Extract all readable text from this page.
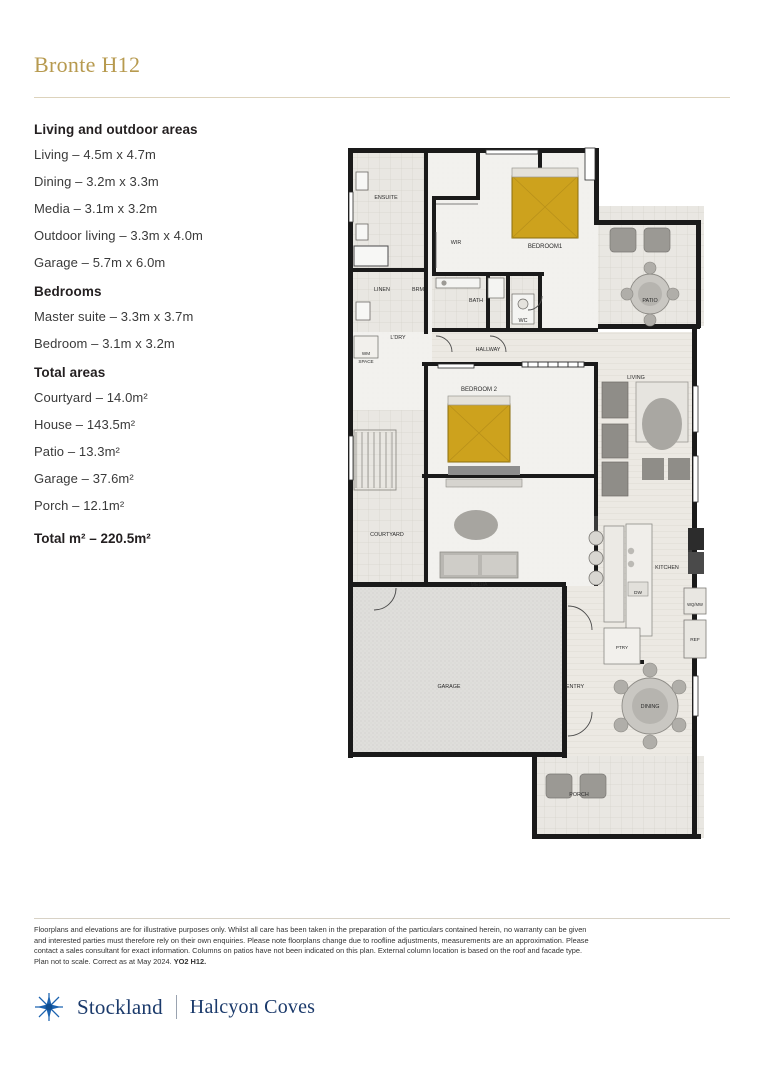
Bronte H12
Living and outdoor areas
Living – 4.5m x 4.7m
Dining – 3.2m x 3.3m
Media – 3.1m x 3.2m
Outdoor living – 3.3m x 4.0m
Garage – 5.7m x 6.0m
Bedrooms
Master suite – 3.3m x 3.7m
Bedroom – 3.1m x 3.2m
Total areas
Courtyard – 14.0m²
House – 143.5m²
Patio – 13.3m²
Garage – 37.6m²
Porch – 12.1m²
Total m² – 220.5m²
ENSUITE
WIR
BEDROOM1
LINEN	BRM
BATH
WC
L'DRY
WM
SPACE
HALLWAY
PATIO
LIVING
BEDROOM 2
COURTYARD
MEDIA
KITCHEN
DW
WQ/MW
PTRY
REF
GARAGE	ENTRY
DINING
PORCH
Floorplans and elevations are for illustrative purposes only. Whilst all care has been taken in the preparation of the particulars contained herein, no warranty can be given
and interested parties must therefore rely on their own enquiries. Please note floorplans change due to roofline adjustments, measurements are an approximation. Please
contact a sales consultant for exact information. Columns on patios have not been indicated on this plan. External column location is based on the roof and facade type.
Plan not to scale. Correct as at May 2024. YO2 H12.
Stockland Halcyon Coves
